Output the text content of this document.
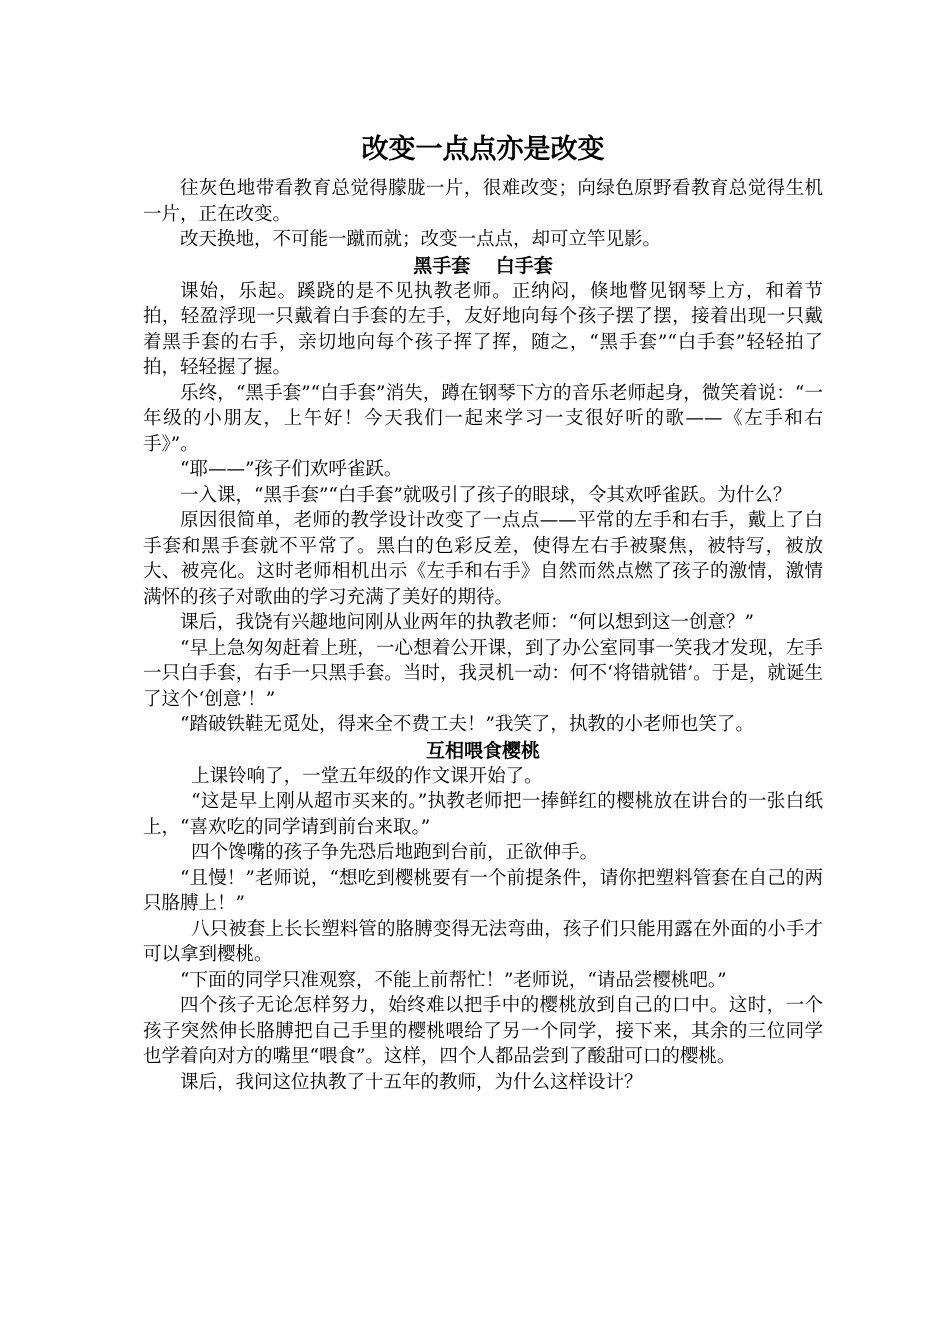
改变一点点亦是改变

往灰色地带看教育总觉得朦胧一片，很难改变；向绿色原野看教育总觉得生机一片，正在改变。

改天换地，不可能一蹴而就；改变一点点，却可立竿见影。

黑手套　 白手套

课始，乐起。蹊跷的是不见执教老师。正纳闷，倏地瞥见钢琴上方，和着节拍，轻盈浮现一只戴着白手套的左手，友好地向每个孩子摆了摆，接着出现一只戴着黑手套的右手，亲切地向每个孩子挥了挥，随之，“黑手套”“白手套”轻轻拍了拍，轻轻握了握。

乐终，“黑手套”“白手套”消失，蹲在钢琴下方的音乐老师起身，微笑着说：“一年级的小朋友，上午好！今天我们一起来学习一支很好听的歌——《左手和右手》”。

“耶——”孩子们欢呼雀跃。

一入课，“黑手套”“白手套”就吸引了孩子的眼球，令其欢呼雀跃。为什么？

原因很简单，老师的教学设计改变了一点点——平常的左手和右手，戴上了白手套和黑手套就不平常了。黑白的色彩反差，使得左右手被聚焦，被特写，被放大、被亮化。这时老师相机出示《左手和右手》自然而然点燃了孩子的激情，激情满怀的孩子对歌曲的学习充满了美好的期待。

课后，我饶有兴趣地问刚从业两年的执教老师：“何以想到这一创意？”

“早上急匆匆赶着上班，一心想着公开课，到了办公室同事一笑我才发现，左手一只白手套，右手一只黑手套。当时，我灵机一动：何不‘将错就错’。于是，就诞生了这个‘创意’！”

“踏破铁鞋无觅处，得来全不费工夫！”我笑了，执教的小老师也笑了。

互相喂食樱桃

上课铃响了，一堂五年级的作文课开始了。

“这是早上刚从超市买来的。”执教老师把一捧鲜红的樱桃放在讲台的一张白纸上，“喜欢吃的同学请到前台来取。”

四个馋嘴的孩子争先恐后地跑到台前，正欲伸手。

“且慢！”老师说，“想吃到樱桃要有一个前提条件，请你把塑料管套在自己的两只胳膊上！”

八只被套上长长塑料管的胳膊变得无法弯曲，孩子们只能用露在外面的小手才可以拿到樱桃。

“下面的同学只准观察，不能上前帮忙！”老师说，“请品尝樱桃吧。”

四个孩子无论怎样努力，始终难以把手中的樱桃放到自己的口中。这时，一个孩子突然伸长胳膊把自己手里的樱桃喂给了另一个同学，接下来，其余的三位同学也学着向对方的嘴里“喂食”。这样，四个人都品尝到了酸甜可口的樱桃。

课后，我问这位执教了十五年的教师，为什么这样设计？
